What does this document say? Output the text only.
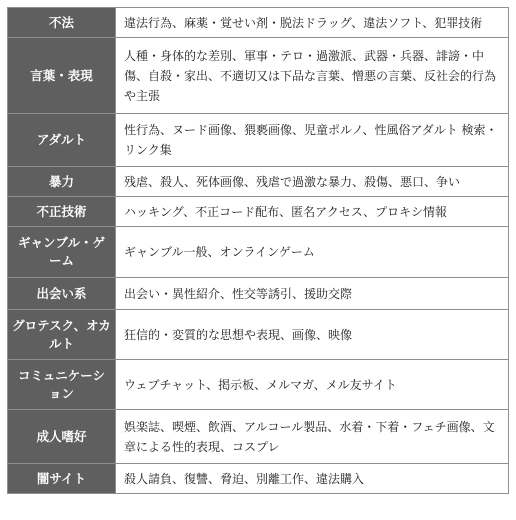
不法	違法行為、麻薬・覚せい剤・脱法ドラッグ、違法ソフト、犯罪技術

言葉・表現	人種・身体的な差別、軍事・テロ・過激派、武器・兵器、誹謗・中傷、自殺・家出、不適切又は下品な言葉、憎悪の言葉、反社会的行為や主張

アダルト	性行為、ヌード画像、猥褻画像、児童ポルノ、性風俗アダルト 検索・リンク集

暴力	残虐、殺人、死体画像、残虐で過激な暴力、殺傷、悪口、争い

不正技術	ハッキング、不正コード配布、匿名アクセス、プロキシ情報

ギャンブル・ゲーム	ギャンブル一般、オンラインゲーム

出会い系	出会い・異性紹介、性交等誘引、援助交際

グロテスク、オカルト	狂信的・変質的な思想や表現、画像、映像

コミュニケーション	ウェブチャット、掲示板、メルマガ、メル友サイト

成人嗜好	娯楽誌、喫煙、飲酒、アルコール製品、水着・下着・フェチ画像、文章による性的表現、コスプレ

闇サイト	殺人請負、復讐、脅迫、別離工作、違法購入
